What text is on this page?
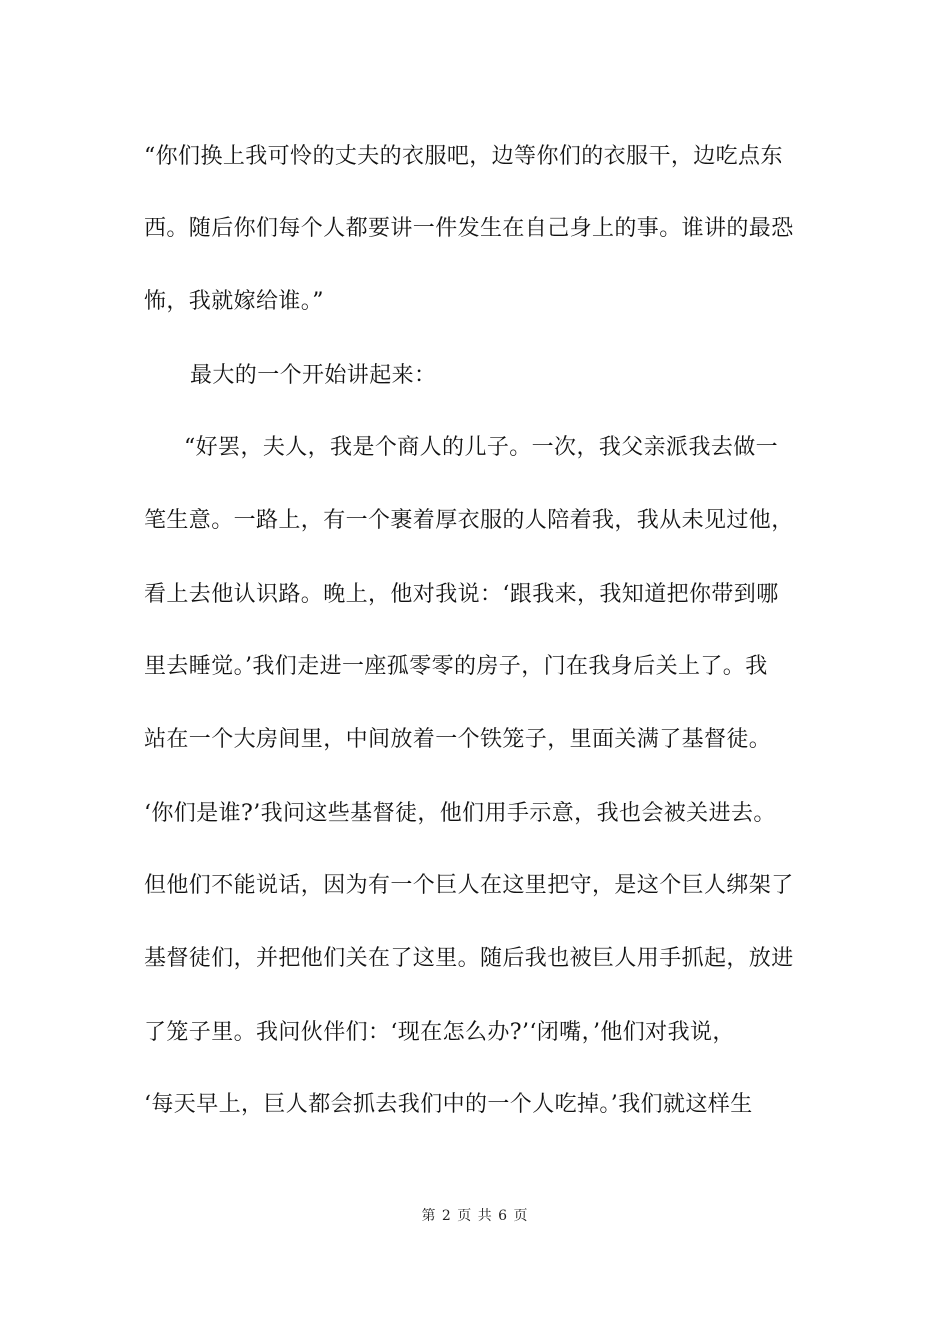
“你们换上我可怜的丈夫的衣服吧，边等你们的衣服干，边吃点东
西。随后你们每个人都要讲一件发生在自己身上的事。谁讲的最恐
怖，我就嫁给谁。”
最大的一个开始讲起来：
“好罢，夫人，我是个商人的儿子。一次，我父亲派我去做一
笔生意。一路上，有一个裹着厚衣服的人陪着我，我从未见过他，
看上去他认识路。晚上，他对我说：‘跟我来，我知道把你带到哪
里去睡觉。’我们走进一座孤零零的房子，门在我身后关上了。我
站在一个大房间里，中间放着一个铁笼子，里面关满了基督徒。
‘你们是谁?’我问这些基督徒，他们用手示意，我也会被关进去。
但他们不能说话，因为有一个巨人在这里把守，是这个巨人绑架了
基督徒们，并把他们关在了这里。随后我也被巨人用手抓起，放进
了笼子里。我问伙伴们：‘现在怎么办?’‘闭嘴，’他们对我说，
‘每天早上，巨人都会抓去我们中的一个人吃掉。’我们就这样生
第 2 页 共 6 页
